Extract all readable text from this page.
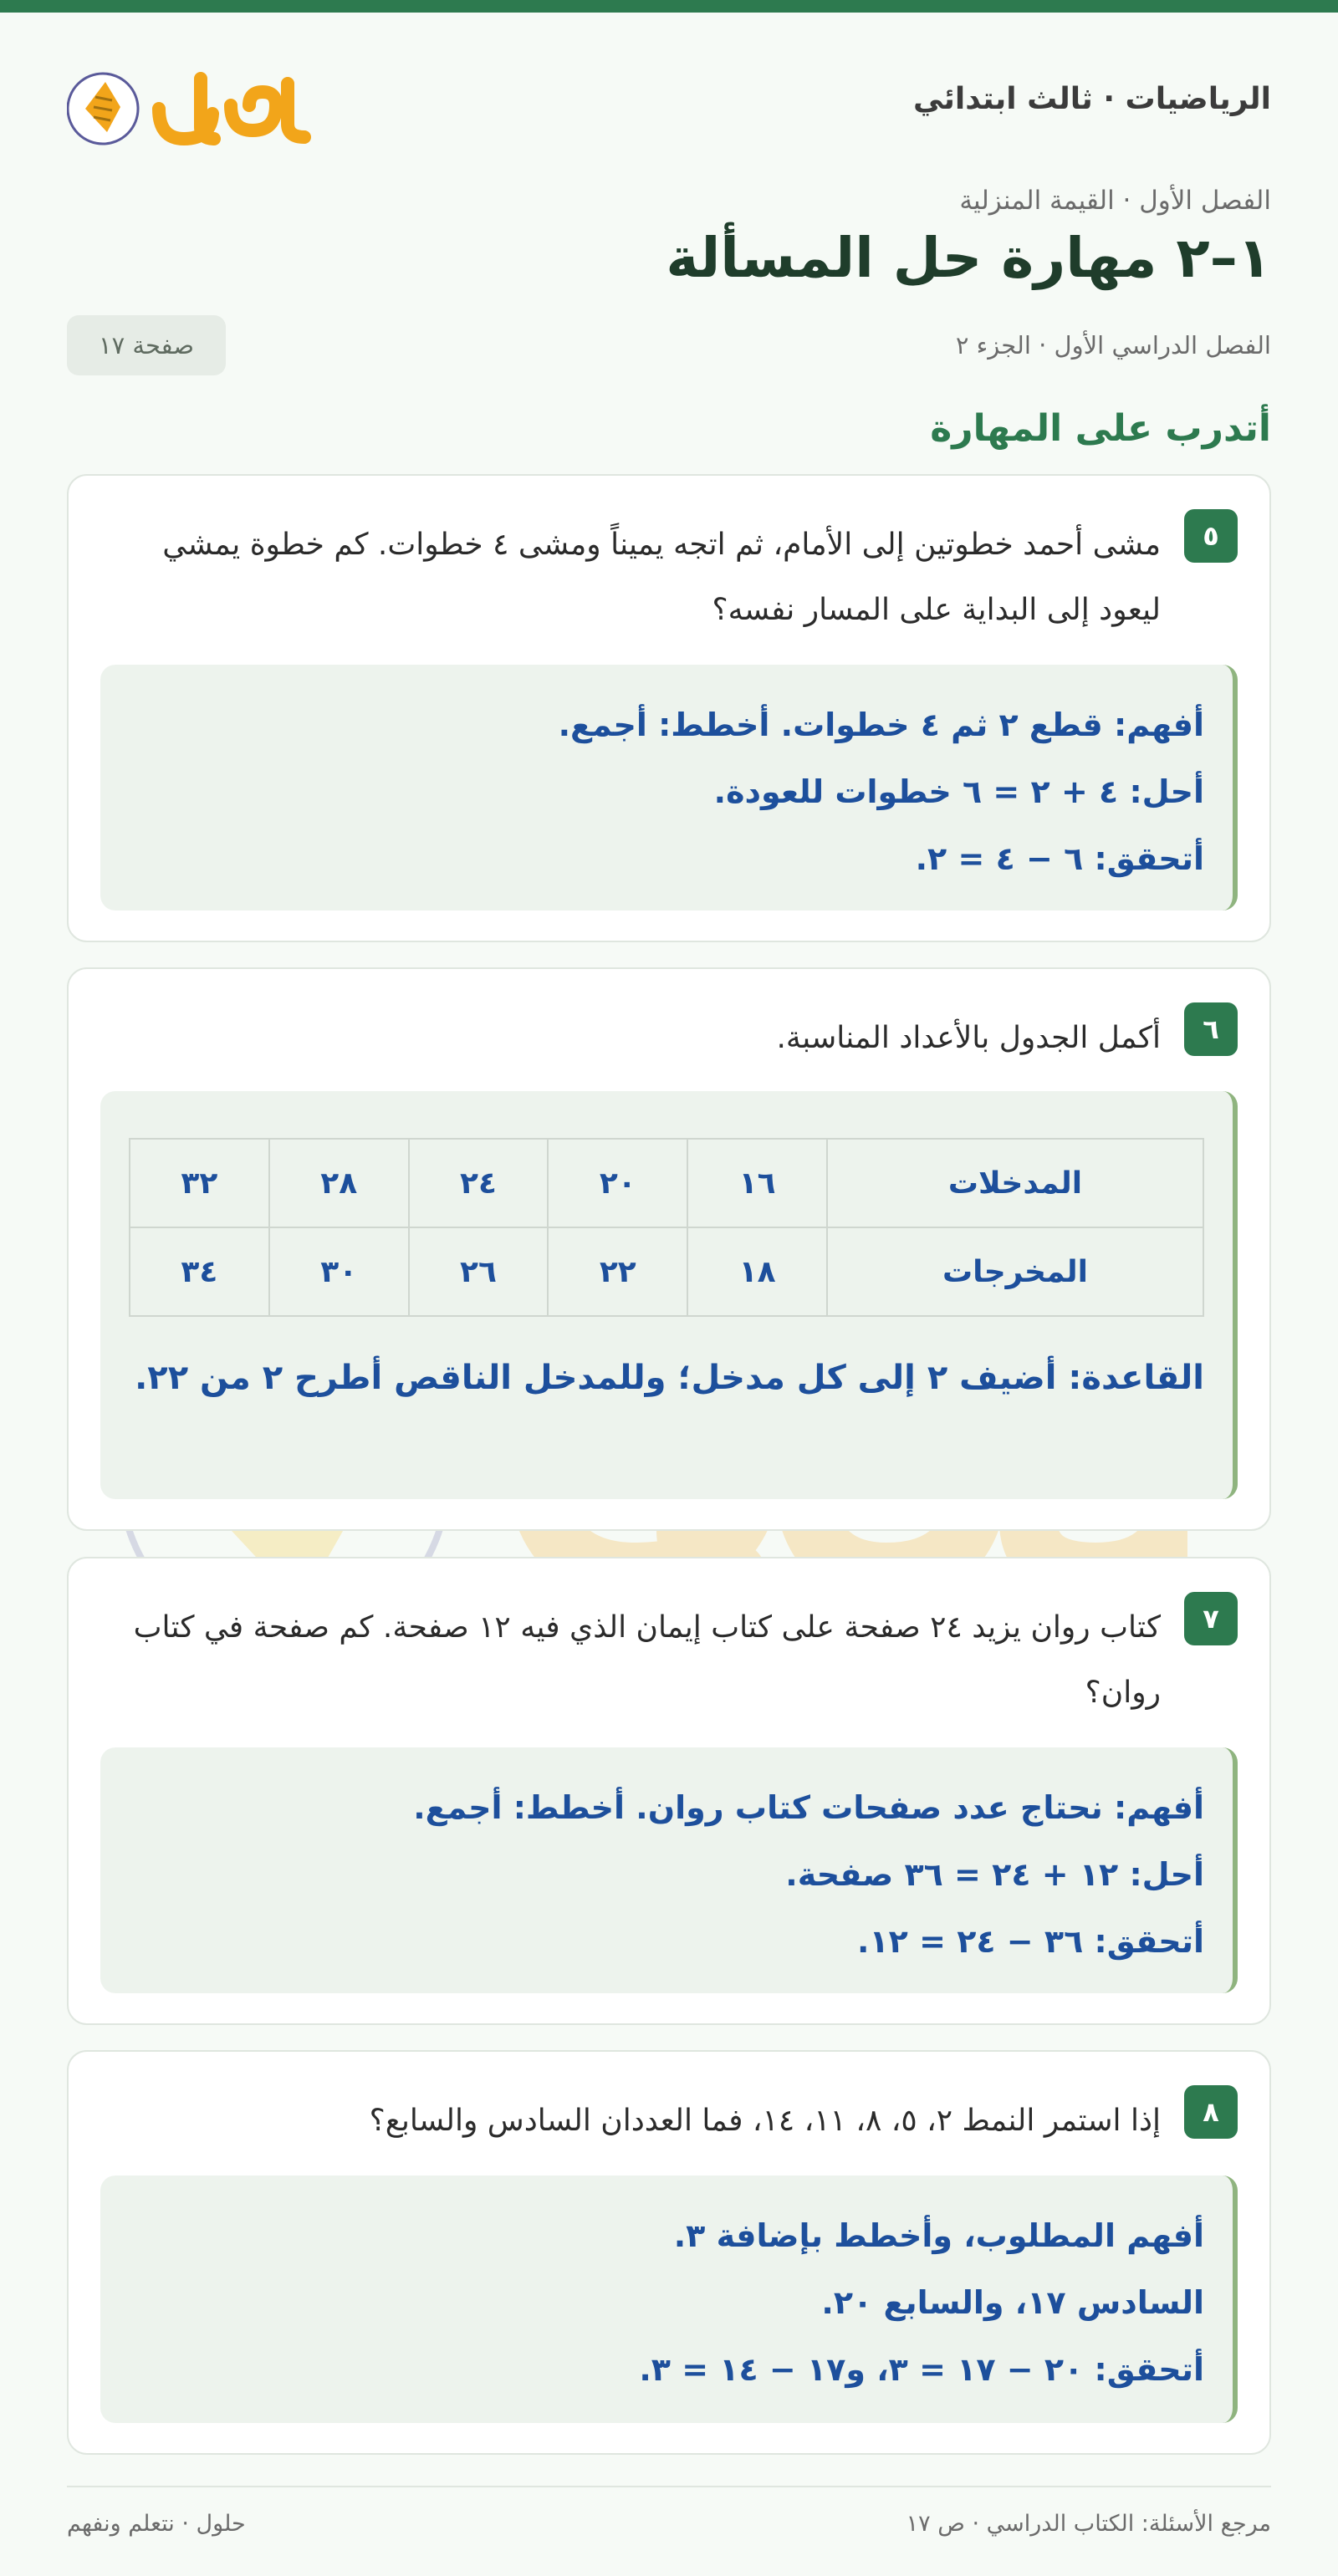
الرياضيات · ثالث ابتدائي
الفصل الأول · القيمة المنزلية
١–٢ مهارة حل المسألة
الفصل الدراسي الأول · الجزء ٢
صفحة ١٧
أتدرب على المهارة
٥
مشى أحمد خطوتين إلى الأمام، ثم اتجه يميناً ومشى ٤ خطوات. كم خطوة يمشي ليعود إلى البداية على المسار نفسه؟
أفهم: قطع ٢ ثم ٤ خطوات. أخطط: أجمع.
أحل: ٤ + ٢ = ٦ خطوات للعودة.
أتحقق: ٦ − ٤ = ٢.
٦
أكمل الجدول بالأعداد المناسبة.
المدخلات	١٦	٢٠	٢٤	٢٨	٣٢
المخرجات	١٨	٢٢	٢٦	٣٠	٣٤
القاعدة: أضيف ٢ إلى كل مدخل؛ وللمدخل الناقص أطرح ٢ من ٢٢.
٧
كتاب روان يزيد ٢٤ صفحة على كتاب إيمان الذي فيه ١٢ صفحة. كم صفحة في كتاب روان؟
أفهم: نحتاج عدد صفحات كتاب روان. أخطط: أجمع.
أحل: ١٢ + ٢٤ = ٣٦ صفحة.
أتحقق: ٣٦ − ٢٤ = ١٢.
٨
إذا استمر النمط ٢، ٥، ٨، ١١، ١٤، فما العددان السادس والسابع؟
أفهم المطلوب، وأخطط بإضافة ٣.
السادس ١٧، والسابع ٢٠.
أتحقق: ٢٠ − ١٧ = ٣، و١٧ − ١٤ = ٣.
مرجع الأسئلة: الكتاب الدراسي · ص ١٧
حلول · نتعلم ونفهم
